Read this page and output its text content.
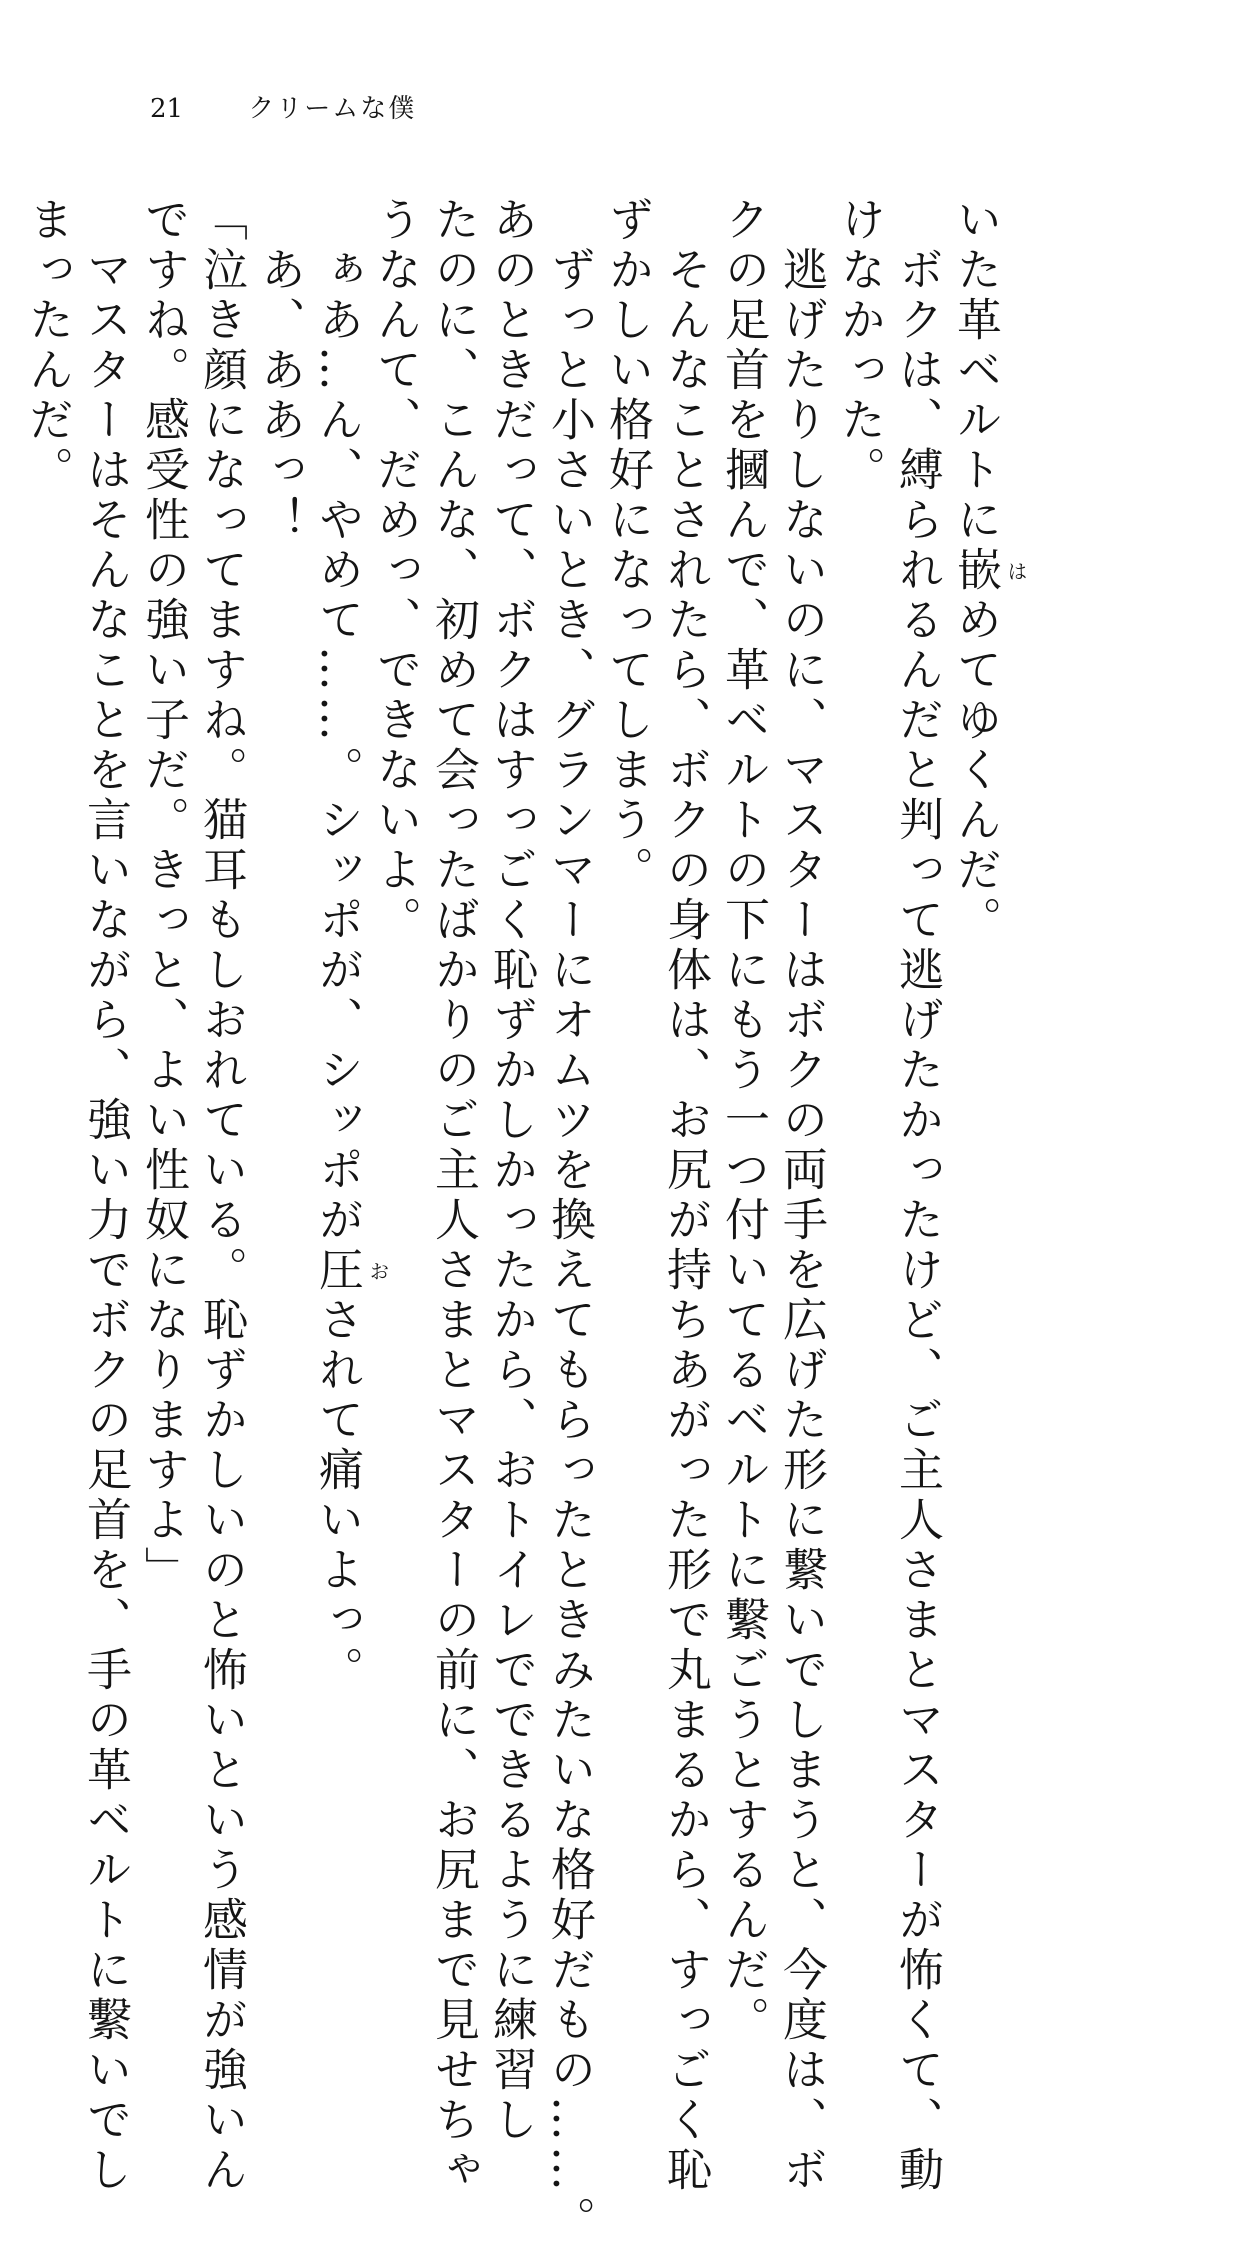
21	クリームな僕
いた革ベルトに嵌 はめてゆくんだ。
　ボクは、縛られるんだと判って逃げたかったけど、ご主人さまとマスターが怖くて、動
けなかった。
　逃げたりしないのに、マスターはボクの両手を広げた形に繋いでしまうと、今度は、ボ
クの足首を摑んで、革ベルトの下にもう一つ付いてるベルトに繫ごうとするんだ。
　そんなことされたら、ボクの身体は、お尻が持ちあがった形で丸まるから、すっごく恥
ずかしい格好になってしまう。
　ずっと小さいとき、グランマーにオムツを換えてもらったときみたいな格好だもの……。
あのときだって、ボクはすっごく恥ずかしかったから、おトイレでできるように練習し
たのに、こんな、初めて会ったばかりのご主人さまとマスターの前に、お尻まで見せちゃ
うなんて、だめっ、できないよ。
　ぁあ…ん、やめて……。シッポが、シッポが圧 おされて痛いよっ。
　あ、ああっ！
「泣き顔になってますね。猫耳もしおれている。恥ずかしいのと怖いという感情が強いん
ですね。感受性の強い子だ。きっと、よい性奴になりますよ」
　マスターはそんなことを言いながら、強い力でボクの足首を、手の革ベルトに繫いでし
まったんだ。
